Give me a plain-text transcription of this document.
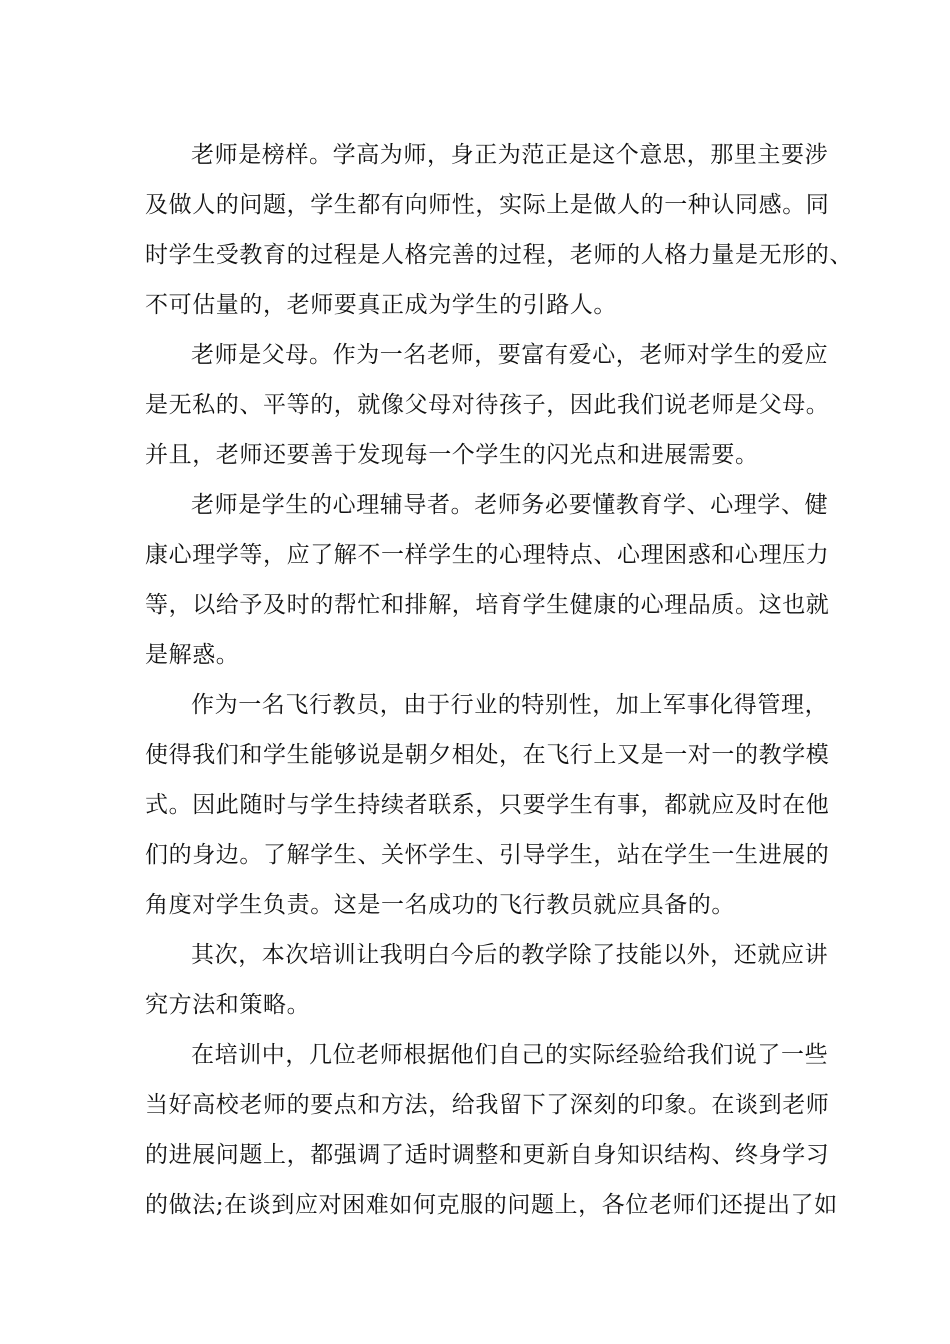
老师是榜样。学高为师，身正为范正是这个意思，那里主要涉
及做人的问题，学生都有向师性，实际上是做人的一种认同感。同
时学生受教育的过程是人格完善的过程，老师的人格力量是无形的、
不可估量的，老师要真正成为学生的引路人。
老师是父母。作为一名老师，要富有爱心，老师对学生的爱应
是无私的、平等的，就像父母对待孩子，因此我们说老师是父母。
并且，老师还要善于发现每一个学生的闪光点和进展需要。
老师是学生的心理辅导者。老师务必要懂教育学、心理学、健
康心理学等，应了解不一样学生的心理特点、心理困惑和心理压力
等，以给予及时的帮忙和排解，培育学生健康的心理品质。这也就
是解惑。
作为一名飞行教员，由于行业的特别性，加上军事化得管理，
使得我们和学生能够说是朝夕相处，在飞行上又是一对一的教学模
式。因此随时与学生持续者联系，只要学生有事，都就应及时在他
们的身边。了解学生、关怀学生、引导学生，站在学生一生进展的
角度对学生负责。这是一名成功的飞行教员就应具备的。
其次，本次培训让我明白今后的教学除了技能以外，还就应讲
究方法和策略。
在培训中，几位老师根据他们自己的实际经验给我们说了一些
当好高校老师的要点和方法，给我留下了深刻的印象。在谈到老师
的进展问题上，都强调了适时调整和更新自身知识结构、终身学习
的做法;在谈到应对困难如何克服的问题上，各位老师们还提出了如
